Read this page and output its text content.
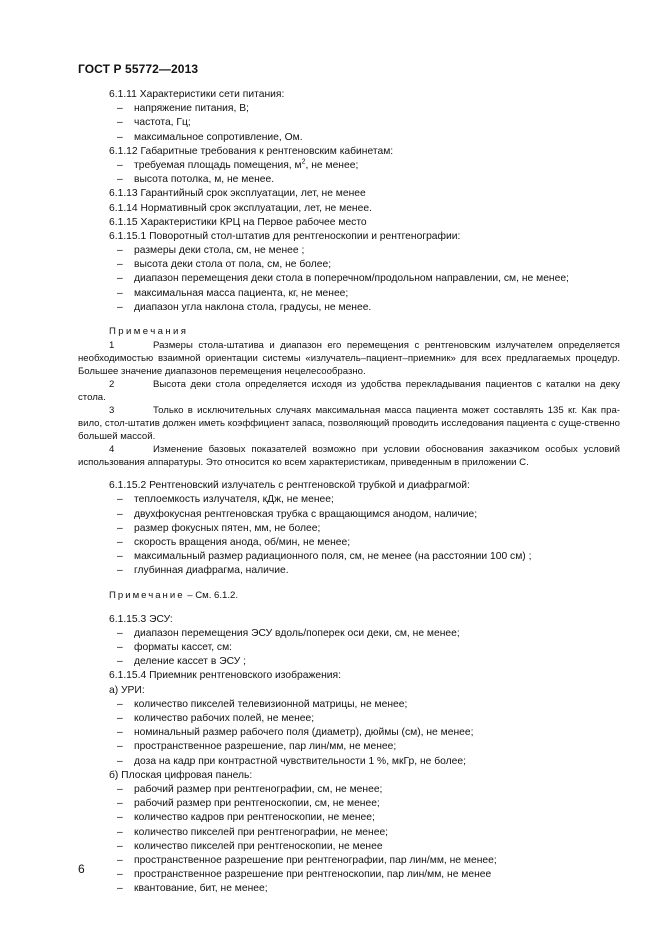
ГОСТ Р 55772—2013
6.1.11 Характеристики сети питания:
– напряжение питания, В;
– частота, Гц;
– максимальное сопротивление, Ом.
6.1.12 Габаритные требования к рентгеновским кабинетам:
– требуемая площадь помещения, $м^2$, не менее;
– высота потолка, м, не менее.
6.1.13 Гарантийный срок эксплуатации, лет, не менее
6.1.14 Нормативный срок эксплуатации, лет, не менее.
6.1.15 Характеристики КРЦ на Первое рабочее место
6.1.15.1 Поворотный стол-штатив для рентгеноскопии и рентгенографии:
– размеры деки стола, см, не менее ;
– высота деки стола от пола, см, не более;
– диапазон перемещения деки стола в поперечном/продольном направлении, см, не менее;
– максимальная масса пациента, кг, не менее;
– диапазон угла наклона стола, градусы, не менее.
Примечания
1	Размеры стола-штатива и диапазон его перемещения с рентгеновским излучателем определяется необходимостью взаимной ориентации системы «излучатель–пациент–приемник» для всех предлагаемых процедур. Большее значение диапазонов перемещения нецелесообразно.
2	Высота деки стола определяется исходя из удобства перекладывания пациентов с каталки на деку стола.
3	Только в исключительных случаях максимальная масса пациента может составлять 135 кг. Как пра-вило, стол-штатив должен иметь коэффициент запаса, позволяющий проводить исследования пациента с суще-ственно большей массой.
4	Изменение базовых показателей возможно при условии обоснования заказчиком особых условий использования аппаратуры. Это относится ко всем характеристикам, приведенным в приложении С.
6.1.15.2 Рентгеновский излучатель с рентгеновской трубкой и диафрагмой:
– теплоемкость излучателя, кДж, не менее;
– двухфокусная рентгеновская трубка с вращающимся анодом, наличие;
– размер фокусных пятен, мм, не более;
– скорость вращения анода, об/мин, не менее;
– максимальный размер радиационного поля, см, не менее (на расстоянии 100 см) ;
– глубинная диафрагма, наличие.
Примечание – См. 6.1.2.
6.1.15.3 ЭСУ:
– диапазон перемещения ЭСУ вдоль/поперек оси деки, см, не менее;
– форматы кассет, см:
– деление кассет в ЭСУ ;
6.1.15.4 Приемник рентгеновского изображения:
а) УРИ:
– количество пикселей телевизионной матрицы, не менее;
– количество рабочих полей, не менее;
– номинальный размер рабочего поля (диаметр), дюймы (см), не менее;
– пространственное разрешение, пар лин/мм, не менее;
– доза на кадр при контрастной чувствительности 1 %, мкГр, не более;
б) Плоская цифровая панель:
– рабочий размер при рентгенографии, см, не менее;
– рабочий размер при рентгеноскопии, см, не менее;
– количество кадров при рентгеноскопии, не менее;
– количество пикселей при рентгенографии, не менее;
– количество пикселей при рентгеноскопии, не менее
– пространственное разрешение при рентгенографии, пар лин/мм, не менее;
– пространственное разрешение при рентгеноскопии, пар лин/мм, не менее
– квантование, бит, не менее;
6
